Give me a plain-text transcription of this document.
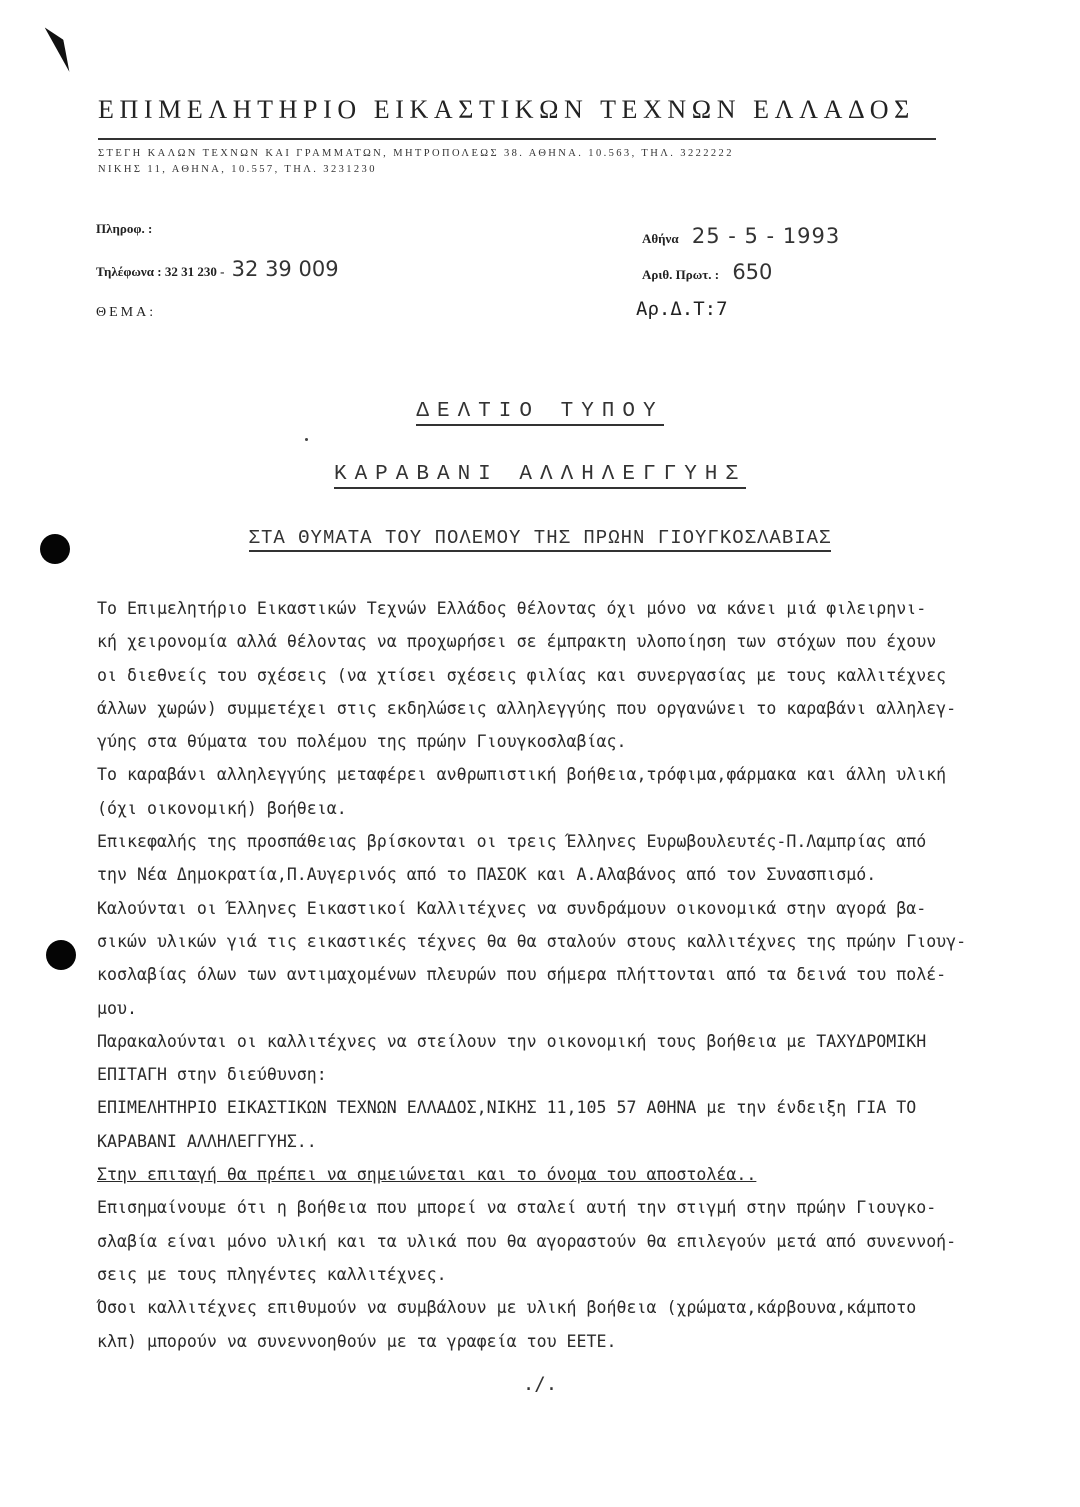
ΕΠΙΜΕΛΗΤΗΡΙΟ ΕΙΚΑΣΤΙΚΩΝ ΤΕΧΝΩΝ ΕΛΛΑΔΟΣ
ΣΤΕΓΗ ΚΑΛΩΝ ΤΕΧΝΩΝ ΚΑΙ ΓΡΑΜΜΑΤΩΝ, ΜΗΤΡΟΠΟΛΕΩΣ 38. ΑΘΗΝΑ. 10.563, ΤΗΛ. 3222222
ΝΙΚΗΣ 11, ΑΘΗΝΑ, 10.557, ΤΗΛ. 3231230
Πληροφ. :
Τηλέφωνα : 32 31 230 - 32 39 009
ΘΕΜΑ:
Αθήνα 25 - 5 - 1993
Αριθ. Πρωτ. : 650
Αρ.Δ.Τ:7
ΔΕΛΤΙΟ ΤΥΠΟΥ
ΚΑΡΑΒΑΝΙ ΑΛΛΗΛΕΓΓΥΗΣ
ΣΤΑ ΘΥΜΑΤΑ ΤΟΥ ΠΟΛΕΜΟΥ ΤΗΣ ΠΡΩΗΝ ΓΙΟΥΓΚΟΣΛΑΒΙΑΣ
Το Επιμελητήριο Εικαστικών Τεχνών Ελλάδος θέλοντας όχι μόνο να κάνει μιά φιλειρηνι-
κή χειρονομία αλλά θέλοντας να προχωρήσει σε έμπρακτη υλοποίηση των στόχων που έχουν
οι διεθνείς του σχέσεις (να χτίσει σχέσεις φιλίας και συνεργασίας με τους καλλιτέχνες
άλλων χωρών) συμμετέχει στις εκδηλώσεις αλληλεγγύης που οργανώνει το καραβάνι αλληλεγ-
γύης στα θύματα του πολέμου της πρώην Γιουγκοσλαβίας.
Το καραβάνι αλληλεγγύης μεταφέρει ανθρωπιστική βοήθεια,τρόφιμα,φάρμακα και άλλη υλική
(όχι οικονομική) βοήθεια.
Επικεφαλής της προσπάθειας βρίσκονται οι τρεις Έλληνες Ευρωβουλευτές-Π.Λαμπρίας από
την Νέα Δημοκρατία,Π.Αυγερινός από το ΠΑΣΟΚ και Α.Αλαβάνος από τον Συνασπισμό.
Καλούνται οι Έλληνες Εικαστικοί Καλλιτέχνες να συνδράμουν οικονομικά στην αγορά βα-
σικών υλικών γιά τις εικαστικές τέχνες θα θα σταλούν στους καλλιτέχνες της πρώην Γιουγ-
κοσλαβίας όλων των αντιμαχομένων πλευρών που σήμερα πλήττονται από τα δεινά του πολέ-
μου.
Παρακαλούνται οι καλλιτέχνες να στείλουν την οικονομική τους βοήθεια με ΤΑΧΥΔΡΟΜΙΚΗ
ΕΠΙΤΑΓΗ στην διεύθυνση:
ΕΠΙΜΕΛΗΤΗΡΙΟ ΕΙΚΑΣΤΙΚΩΝ ΤΕΧΝΩΝ ΕΛΛΑΔΟΣ,ΝΙΚΗΣ 11,105 57 ΑΘΗΝΑ με την ένδειξη ΓΙΑ ΤΟ
ΚΑΡΑΒΑΝΙ ΑΛΛΗΛΕΓΓΥΗΣ..
Στην επιταγή θα πρέπει να σημειώνεται και το όνομα του αποστολέα..
Επισημαίνουμε ότι η βοήθεια που μπορεί να σταλεί αυτή την στιγμή στην πρώην Γιουγκο-
σλαβία είναι μόνο υλική και τα υλικά που θα αγοραστούν θα επιλεγούν μετά από συνεννοή-
σεις με τους πληγέντες καλλιτέχνες.
Όσοι καλλιτέχνες επιθυμούν να συμβάλουν με υλική βοήθεια (χρώματα,κάρβουνα,κάμποτο
κλπ) μπορούν να συνεννοηθούν με τα γραφεία του ΕΕΤΕ.
./.
